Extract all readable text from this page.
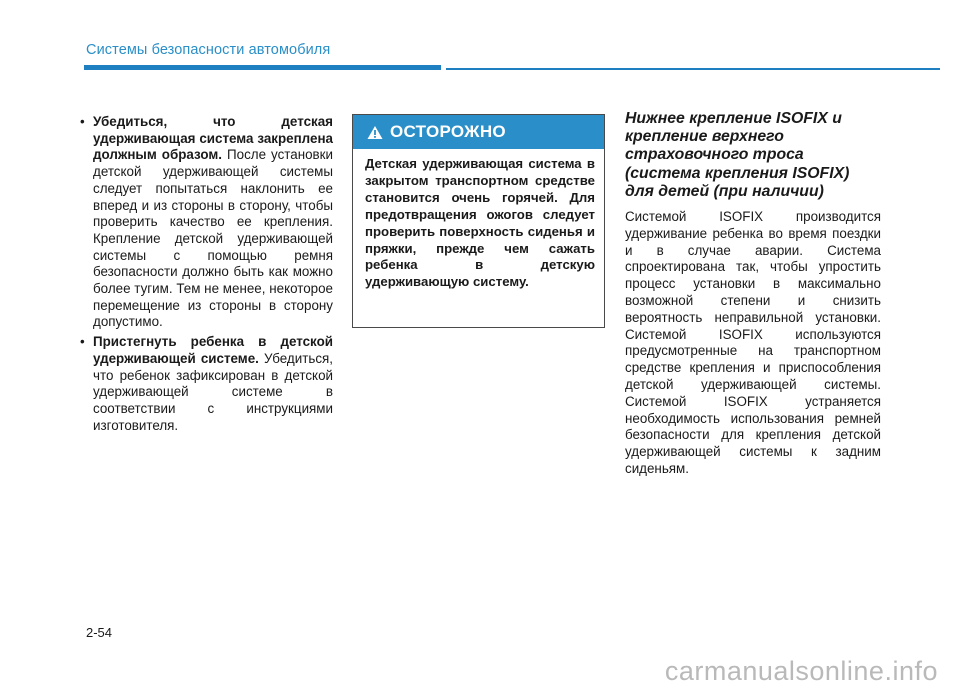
Системы безопасности автомобиля
• Убедиться, что детская удерживающая система закреплена должным образом. После установки детской удерживающей системы следует попытаться наклонить ее вперед и из стороны в сторону, чтобы проверить качество ее крепления. Крепление детской удерживающей системы с помощью ремня безопасности должно быть как можно более тугим. Тем не менее, некоторое перемещение из стороны в сторону допустимо.
• Пристегнуть ребенка в детской удерживающей системе. Убедиться, что ребенок зафиксирован в детской удерживающей системе в соответствии с инструкциями изготовителя.
ОСТОРОЖНО
Детская удерживающая система в закрытом транспортном средстве становится очень горячей. Для предотвращения ожогов следует проверить поверхность сиденья и пряжки, прежде чем сажать ребенка в детскую удерживающую систему.
Нижнее крепление ISOFIX и крепление верхнего страховочного троса (система крепления ISOFIX) для детей (при наличии)
Системой ISOFIX производится удерживание ребенка во время поездки и в случае аварии. Система спроектирована так, чтобы упростить процесс установки в максимально возможной степени и снизить вероятность неправильной установки. Системой ISOFIX используются предусмотренные на транспортном средстве крепления и приспособления детской удерживающей системы. Системой ISOFIX устраняется необходимость использования ремней безопасности для крепления детской удерживающей системы к задним сиденьям.
2-54
carmanualsonline.info
